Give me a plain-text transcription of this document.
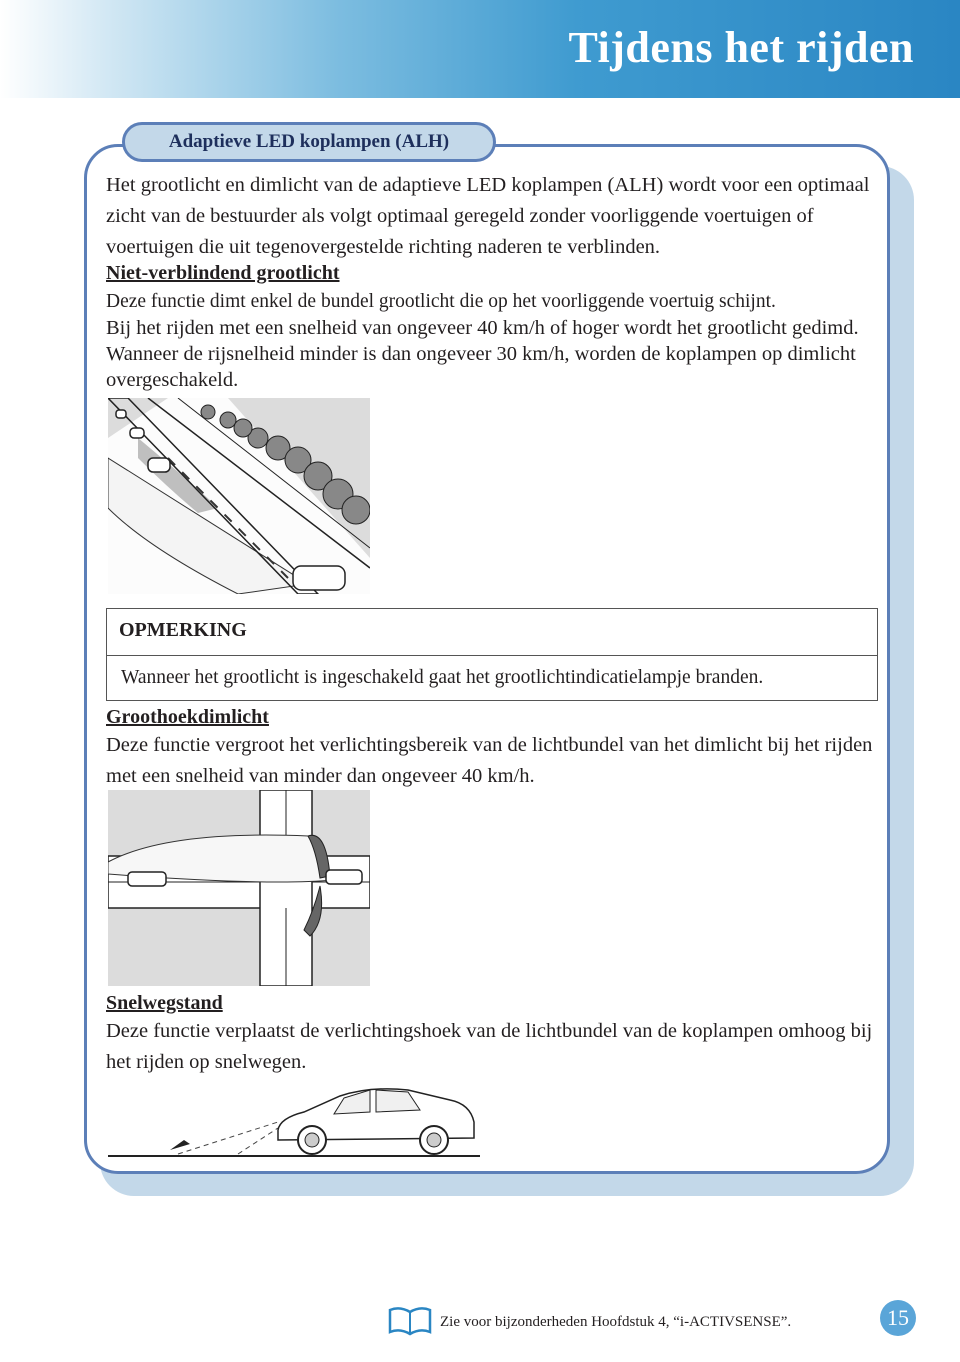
Tijdens het rijden
Adaptieve LED koplampen (ALH)
Het grootlicht en dimlicht van de adaptieve LED koplampen (ALH) wordt voor een optimaal zicht van de bestuurder als volgt optimaal geregeld zonder voorliggende voertuigen of voertuigen die uit tegenovergestelde richting naderen te verblinden.
Niet-verblindend grootlicht
Deze functie dimt enkel de bundel grootlicht die op het voorliggende voertuig schijnt.
Bij het rijden met een snelheid van ongeveer 40 km/h of hoger wordt het grootlicht gedimd. Wanneer de rijsnelheid minder is dan ongeveer 30 km/h, worden de koplampen op dimlicht overgeschakeld.
OPMERKING
Wanneer het grootlicht is ingeschakeld gaat het grootlichtindicatielampje branden.
Groothoekdimlicht
Deze functie vergroot het verlichtingsbereik van de lichtbundel van het dimlicht bij het rijden met een snelheid van minder dan ongeveer 40 km/h.
Snelwegstand
Deze functie verplaatst de verlichtingshoek van de lichtbundel van de koplampen omhoog bij het rijden op snelwegen.
Zie voor bijzonderheden Hoofdstuk 4, “i-ACTIVSENSE”.	15
